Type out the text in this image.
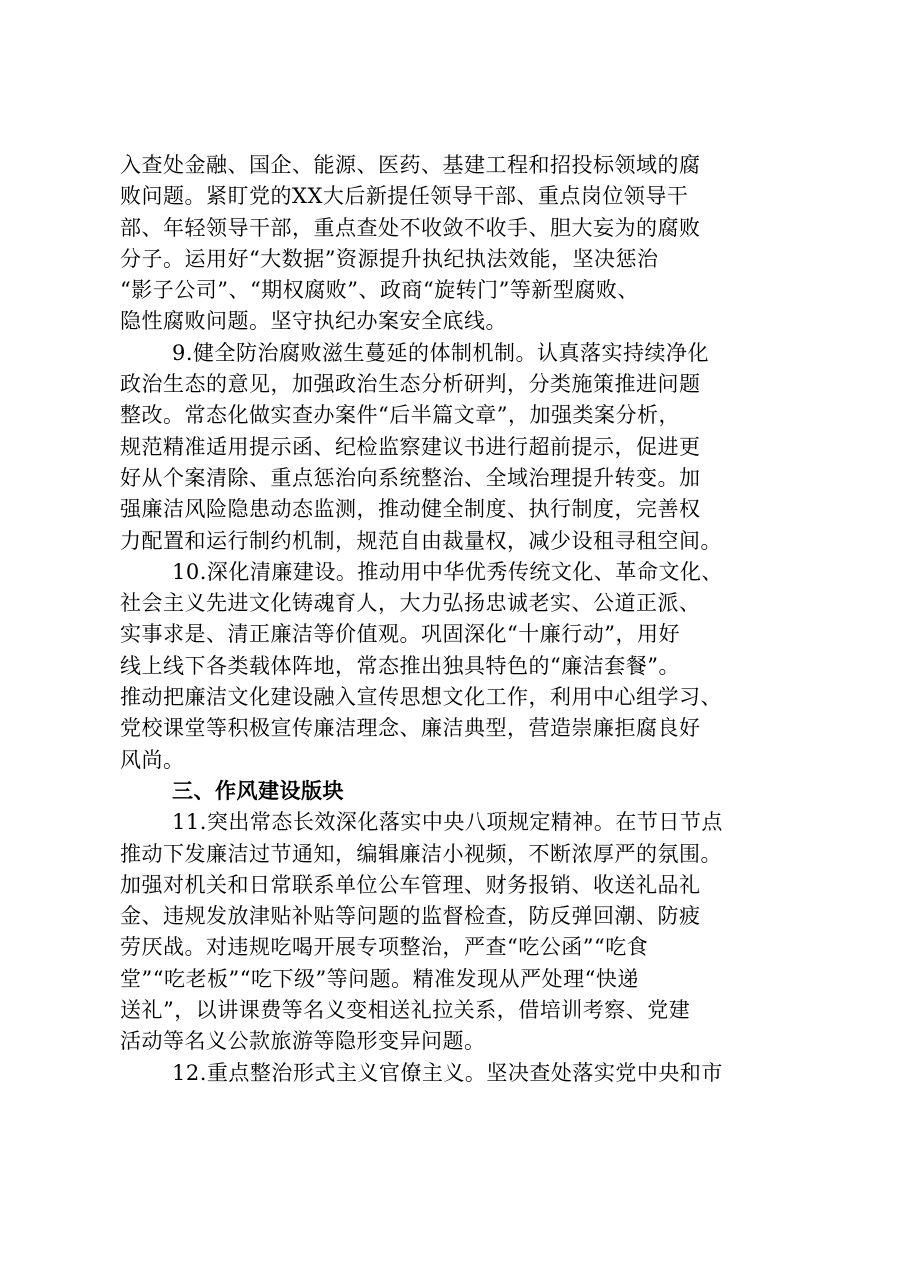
入查处金融、国企、能源、医药、基建工程和招投标领域的腐
败问题。紧盯党的XX大后新提任领导干部、重点岗位领导干
部、年轻领导干部，重点查处不收敛不收手、胆大妄为的腐败
分子。运用好“大数据”资源提升执纪执法效能，坚决惩治
“影子公司”、“期权腐败”、政商“旋转门”等新型腐败、
隐性腐败问题。坚守执纪办案安全底线。
9.健全防治腐败滋生蔓延的体制机制。认真落实持续净化
政治生态的意见，加强政治生态分析研判，分类施策推进问题
整改。常态化做实查办案件“后半篇文章”，加强类案分析，
规范精准适用提示函、纪检监察建议书进行超前提示，促进更
好从个案清除、重点惩治向系统整治、全域治理提升转变。加
强廉洁风险隐患动态监测，推动健全制度、执行制度，完善权
力配置和运行制约机制，规范自由裁量权，减少设租寻租空间。
10.深化清廉建设。推动用中华优秀传统文化、革命文化、
社会主义先进文化铸魂育人，大力弘扬忠诚老实、公道正派、
实事求是、清正廉洁等价值观。巩固深化“十廉行动”，用好
线上线下各类载体阵地，常态推出独具特色的“廉洁套餐”。
推动把廉洁文化建设融入宣传思想文化工作，利用中心组学习、
党校课堂等积极宣传廉洁理念、廉洁典型，营造崇廉拒腐良好
风尚。
三、作风建设版块
11.突出常态长效深化落实中央八项规定精神。在节日节点
推动下发廉洁过节通知，编辑廉洁小视频，不断浓厚严的氛围。
加强对机关和日常联系单位公车管理、财务报销、收送礼品礼
金、违规发放津贴补贴等问题的监督检查，防反弹回潮、防疲
劳厌战。对违规吃喝开展专项整治，严查“吃公函”“吃食
堂”“吃老板”“吃下级”等问题。精准发现从严处理“快递
送礼”，以讲课费等名义变相送礼拉关系，借培训考察、党建
活动等名义公款旅游等隐形变异问题。
12.重点整治形式主义官僚主义。坚决查处落实党中央和市
